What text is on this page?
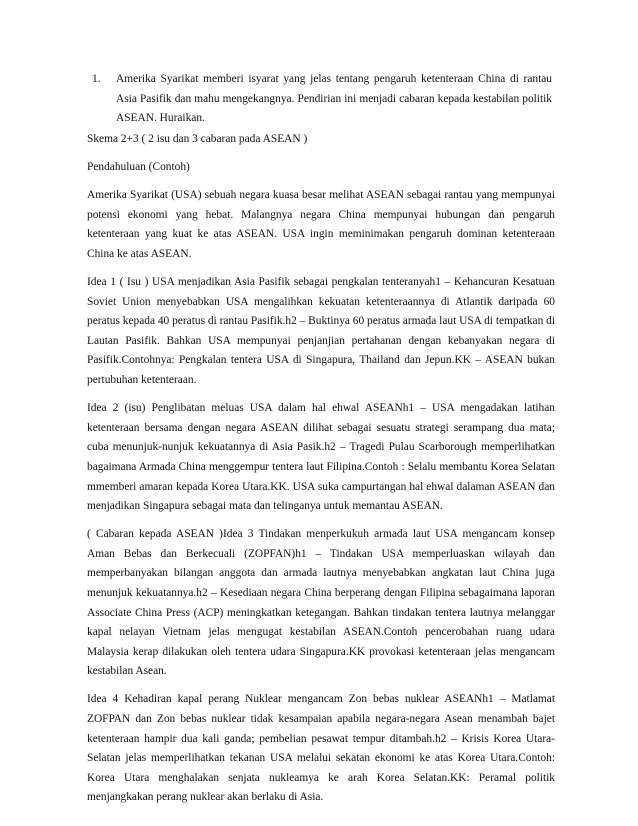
1. Amerika Syarikat memberi isyarat yang jelas tentang pengaruh ketenteraan China di rantau Asia Pasifik dan mahu mengekangnya. Pendirian ini menjadi cabaran kepada kestabilan politik ASEAN. Huraikan.

Skema 2+3 ( 2 isu dan 3 cabaran pada ASEAN )

Pendahuluan (Contoh)

Amerika Syarikat (USA) sebuah negara kuasa besar melihat ASEAN sebagai rantau yang mempunyai potensi ekonomi yang hebat. Malangnya negara China mempunyai hubungan dan pengaruh ketenteraan yang kuat ke atas ASEAN. USA ingin meminimakan pengaruh dominan ketenteraan China ke atas ASEAN.

Idea 1 ( Isu ) USA menjadikan Asia Pasifik sebagai pengkalan tenteranyah1 – Kehancuran Kesatuan Soviet Union menyebabkan USA mengalihkan kekuatan ketenteraannya di Atlantik daripada 60 peratus kepada 40 peratus di rantau Pasifik.h2 – Buktinya 60 peratus armada laut USA di tempatkan di Lautan Pasifik. Bahkan USA mempunyai penjanjian pertahanan dengan kebanyakan negara di Pasifik.Contohnya: Pengkalan tentera USA di Singapura, Thailand dan Jepun.KK – ASEAN bukan pertubuhan ketenteraan.

Idea 2 (isu) Penglibatan meluas USA dalam hal ehwal ASEANh1 – USA mengadakan latihan ketenteraan bersama dengan negara ASEAN dilihat sebagai sesuatu strategi serampang dua mata; cuba menunjuk-nunjuk kekuatannya di Asia Pasik.h2 – Tragedi Pulau Scarborough memperlihatkan bagaimana Armada China menggempur tentera laut Filipina.Contoh : Selalu membantu Korea Selatan mmemberi amaran kepada Korea Utara.KK. USA suka campurtangan hal ehwal dalaman ASEAN dan menjadikan Singapura sebagai mata dan telinganya untuk memantau ASEAN.

( Cabaran kepada ASEAN )Idea 3 Tindakan menperkukuh armada laut USA mengancam konsep Aman Bebas dan Berkecuali (ZOPFAN)h1 – Tindakan USA memperluaskan wilayah dan memperbanyakan bilangan anggota dan armada lautnya menyebabkan angkatan laut China juga menunjuk kekuatannya.h2 – Kesediaan negara China berperang dengan Filipina sebagaimana laporan Associate China Press (ACP) meningkatkan ketegangan. Bahkan tindakan tentera lautnya melanggar kapal nelayan Vietnam jelas mengugat kestabilan ASEAN.Contoh pencerobahan ruang udara Malaysia kerap dilakukan oleh tentera udara Singapura.KK provokasi ketenteraan jelas mengancam kestabilan Asean.

Idea 4 Kehadiran kapal perang Nuklear mengancam Zon bebas nuklear ASEANh1 – Matlamat ZOFPAN dan Zon bebas nuklear tidak kesampaian apabila negara-negara Asean menambah bajet ketenteraan hampir dua kali ganda; pembelian pesawat tempur ditambah.h2 – Krisis Korea Utara-Selatan jelas memperlihatkan tekanan USA melalui sekatan ekonomi ke atas Korea Utara.Contoh: Korea Utara menghalakan senjata nukleamya ke arah Korea Selatan.KK: Peramal politik menjangkakan perang nuklear akan berlaku di Asia.
